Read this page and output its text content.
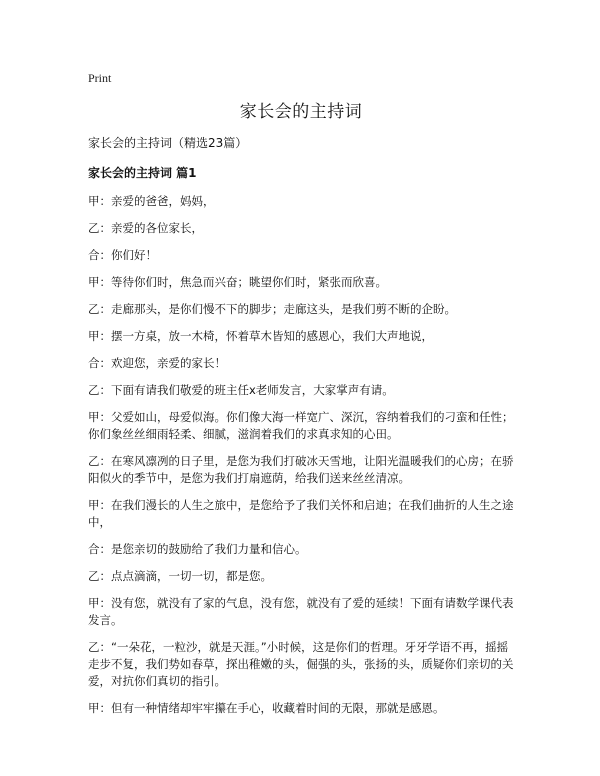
Print
家长会的主持词
家长会的主持词（精选23篇）
家长会的主持词 篇1

甲：亲爱的爸爸，妈妈，

乙：亲爱的各位家长，

合：你们好！

甲：等待你们时，焦急而兴奋；眺望你们时，紧张而欣喜。

乙：走廊那头，是你们慢不下的脚步；走廊这头，是我们剪不断的企盼。

甲：摆一方桌，放一木椅，怀着草木皆知的感恩心，我们大声地说，

合：欢迎您，亲爱的家长！

乙：下面有请我们敬爱的班主任x老师发言，大家掌声有请。

甲：父爱如山，母爱似海。你们像大海一样宽广、深沉，容纳着我们的刁蛮和任性；你们象丝丝细雨轻柔、细腻，滋润着我们的求真求知的心田。

乙：在寒风凛冽的日子里，是您为我们打破冰天雪地，让阳光温暖我们的心房；在骄阳似火的季节中，是您为我们打扇遮荫，给我们送来丝丝清凉。

甲：在我们漫长的人生之旅中，是您给予了我们关怀和启迪；在我们曲折的人生之途中，

合：是您亲切的鼓励给了我们力量和信心。

乙：点点滴滴，一切一切，都是您。

甲：没有您，就没有了家的气息，没有您，就没有了爱的延续！下面有请数学课代表发言。

乙：“一朵花，一粒沙，就是天涯。”小时候，这是你们的哲理。牙牙学语不再，摇摇走步不复，我们势如春草，探出稚嫩的头，倔强的头，张扬的头，质疑你们亲切的关爱，对抗你们真切的指引。

甲：但有一种情绪却牢牢攥在手心，收藏着时间的无限，那就是感恩。
